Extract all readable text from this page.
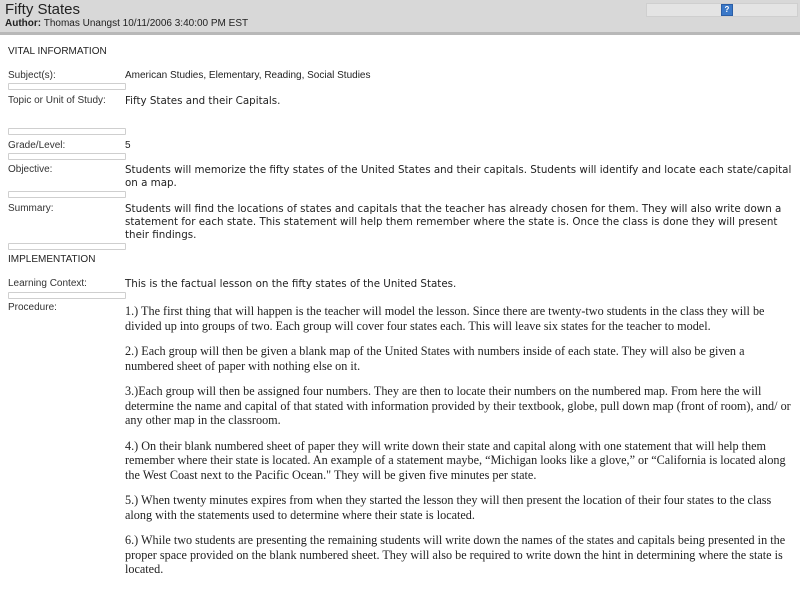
Fifty States
Author: Thomas Unangst 10/11/2006 3:40:00 PM EST
?
VITAL INFORMATION
Subject(s):	American Studies, Elementary, Reading, Social Studies
Topic or Unit of Study: Fifty States and their Capitals.
Grade/Level:	5
Objective:	Students will memorize the fifty states of the United States and their capitals. Students will identify and locate each state/capital on a map.
Summary:	Students will find the locations of states and capitals that the teacher has already chosen for them. They will also write down a statement for each state. This statement will help them remember where the state is. Once the class is done they will present their findings.
IMPLEMENTATION
Learning Context:	This is the factual lesson on the fifty states of the United States.
Procedure:	1.) The first thing that will happen is the teacher will model the lesson. Since there are twenty-two students in the class they will be divided up into groups of two. Each group will cover four states each. This will leave six states for the teacher to model.

2.) Each group will then be given a blank map of the United States with numbers inside of each state. They will also be given a numbered sheet of paper with nothing else on it.

3.)Each group will then be assigned four numbers. They are then to locate their numbers on the numbered map. From here the will determine the name and capital of that stated with information provided by their textbook, globe, pull down map (front of room), and/ or any other map in the classroom.

4.) On their blank numbered sheet of paper they will write down their state and capital along with one statement that will help them remember where their state is located. An example of a statement maybe, “Michigan looks like a glove,” or “California is located along the West Coast next to the Pacific Ocean." They will be given five minutes per state.

5.) When twenty minutes expires from when they started the lesson they will then present the location of their four states to the class along with the statements used to determine where their state is located.

6.) While two students are presenting the remaining students will write down the names of the states and capitals being presented in the proper space provided on the blank numbered sheet. They will also be required to write down the hint in determining where the state is located.
